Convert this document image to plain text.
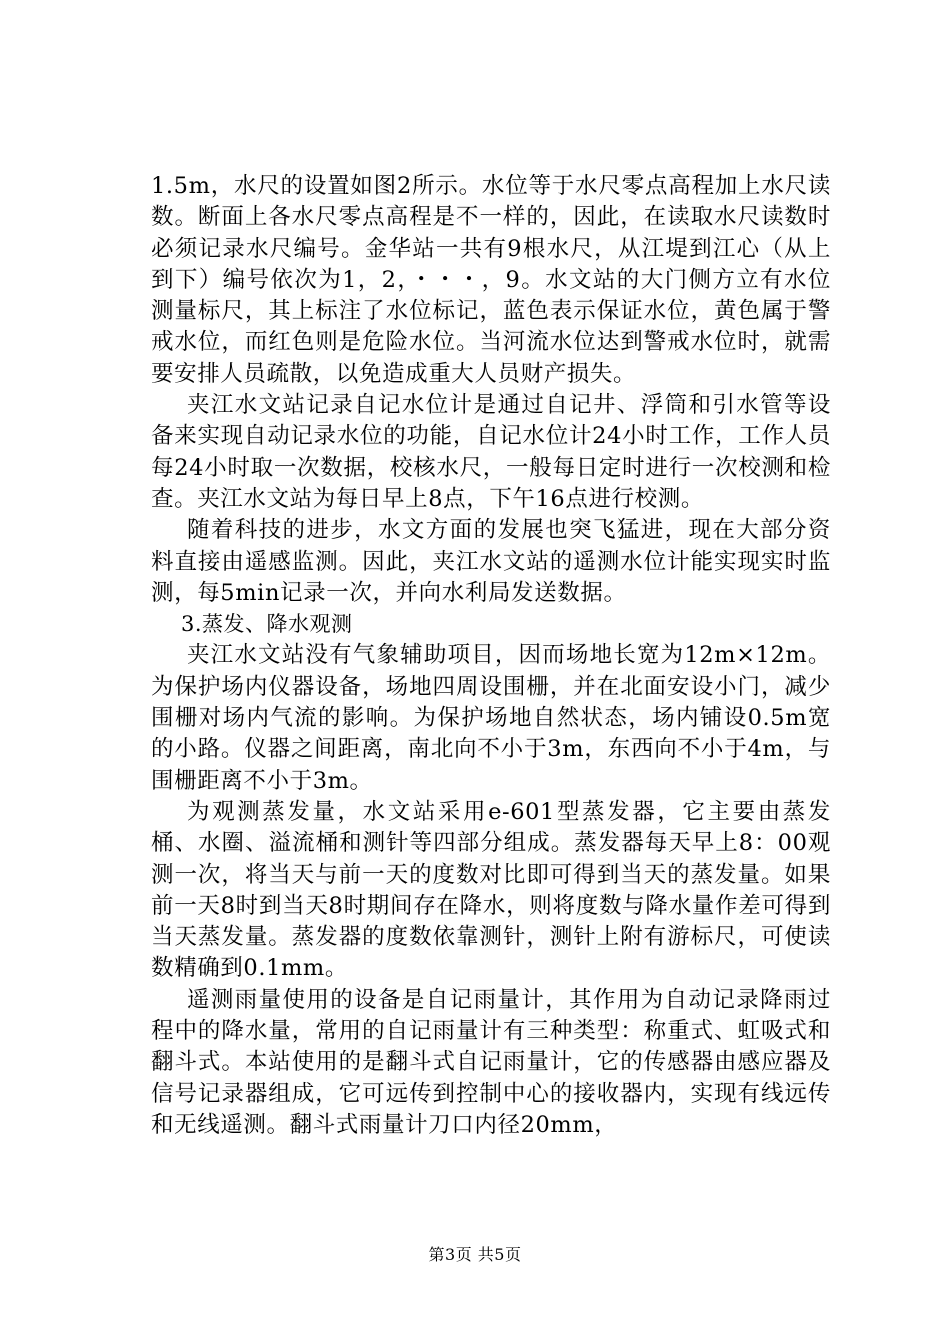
1.5m，水尺的设置如图2所示。水位等于水尺零点高程加上水尺读数。断面上各水尺零点高程是不一样的，因此，在读取水尺读数时必须记录水尺编号。金华站一共有9根水尺，从江堤到江心（从上到下）编号依次为1，2，・・・，9。水文站的大门侧方立有水位测量标尺，其上标注了水位标记，蓝色表示保证水位，黄色属于警戒水位，而红色则是危险水位。当河流水位达到警戒水位时，就需要安排人员疏散，以免造成重大人员财产损失。

夹江水文站记录自记水位计是通过自记井、浮筒和引水管等设备来实现自动记录水位的功能，自记水位计24小时工作，工作人员每24小时取一次数据，校核水尺，一般每日定时进行一次校测和检查。夹江水文站为每日早上8点，下午16点进行校测。

随着科技的进步，水文方面的发展也突飞猛进，现在大部分资料直接由遥感监测。因此，夹江水文站的遥测水位计能实现实时监测，每5min记录一次，并向水利局发送数据。

3.蒸发、降水观测

夹江水文站没有气象辅助项目，因而场地长宽为12m×12m。为保护场内仪器设备，场地四周设围栅，并在北面安设小门，减少围栅对场内气流的影响。为保护场地自然状态，场内铺设0.5m宽的小路。仪器之间距离，南北向不小于3m，东西向不小于4m，与围栅距离不小于3m。

为观测蒸发量，水文站采用e-601型蒸发器，它主要由蒸发桶、水圈、溢流桶和测针等四部分组成。蒸发器每天早上8：00观测一次，将当天与前一天的度数对比即可得到当天的蒸发量。如果前一天8时到当天8时期间存在降水，则将度数与降水量作差可得到当天蒸发量。蒸发器的度数依靠测针，测针上附有游标尺，可使读数精确到0.1mm。

遥测雨量使用的设备是自记雨量计，其作用为自动记录降雨过程中的降水量，常用的自记雨量计有三种类型：称重式、虹吸式和翻斗式。本站使用的是翻斗式自记雨量计，它的传感器由感应器及信号记录器组成，它可远传到控制中心的接收器内，实现有线远传和无线遥测。翻斗式雨量计刀口内径20mm，

第3页 共5页
